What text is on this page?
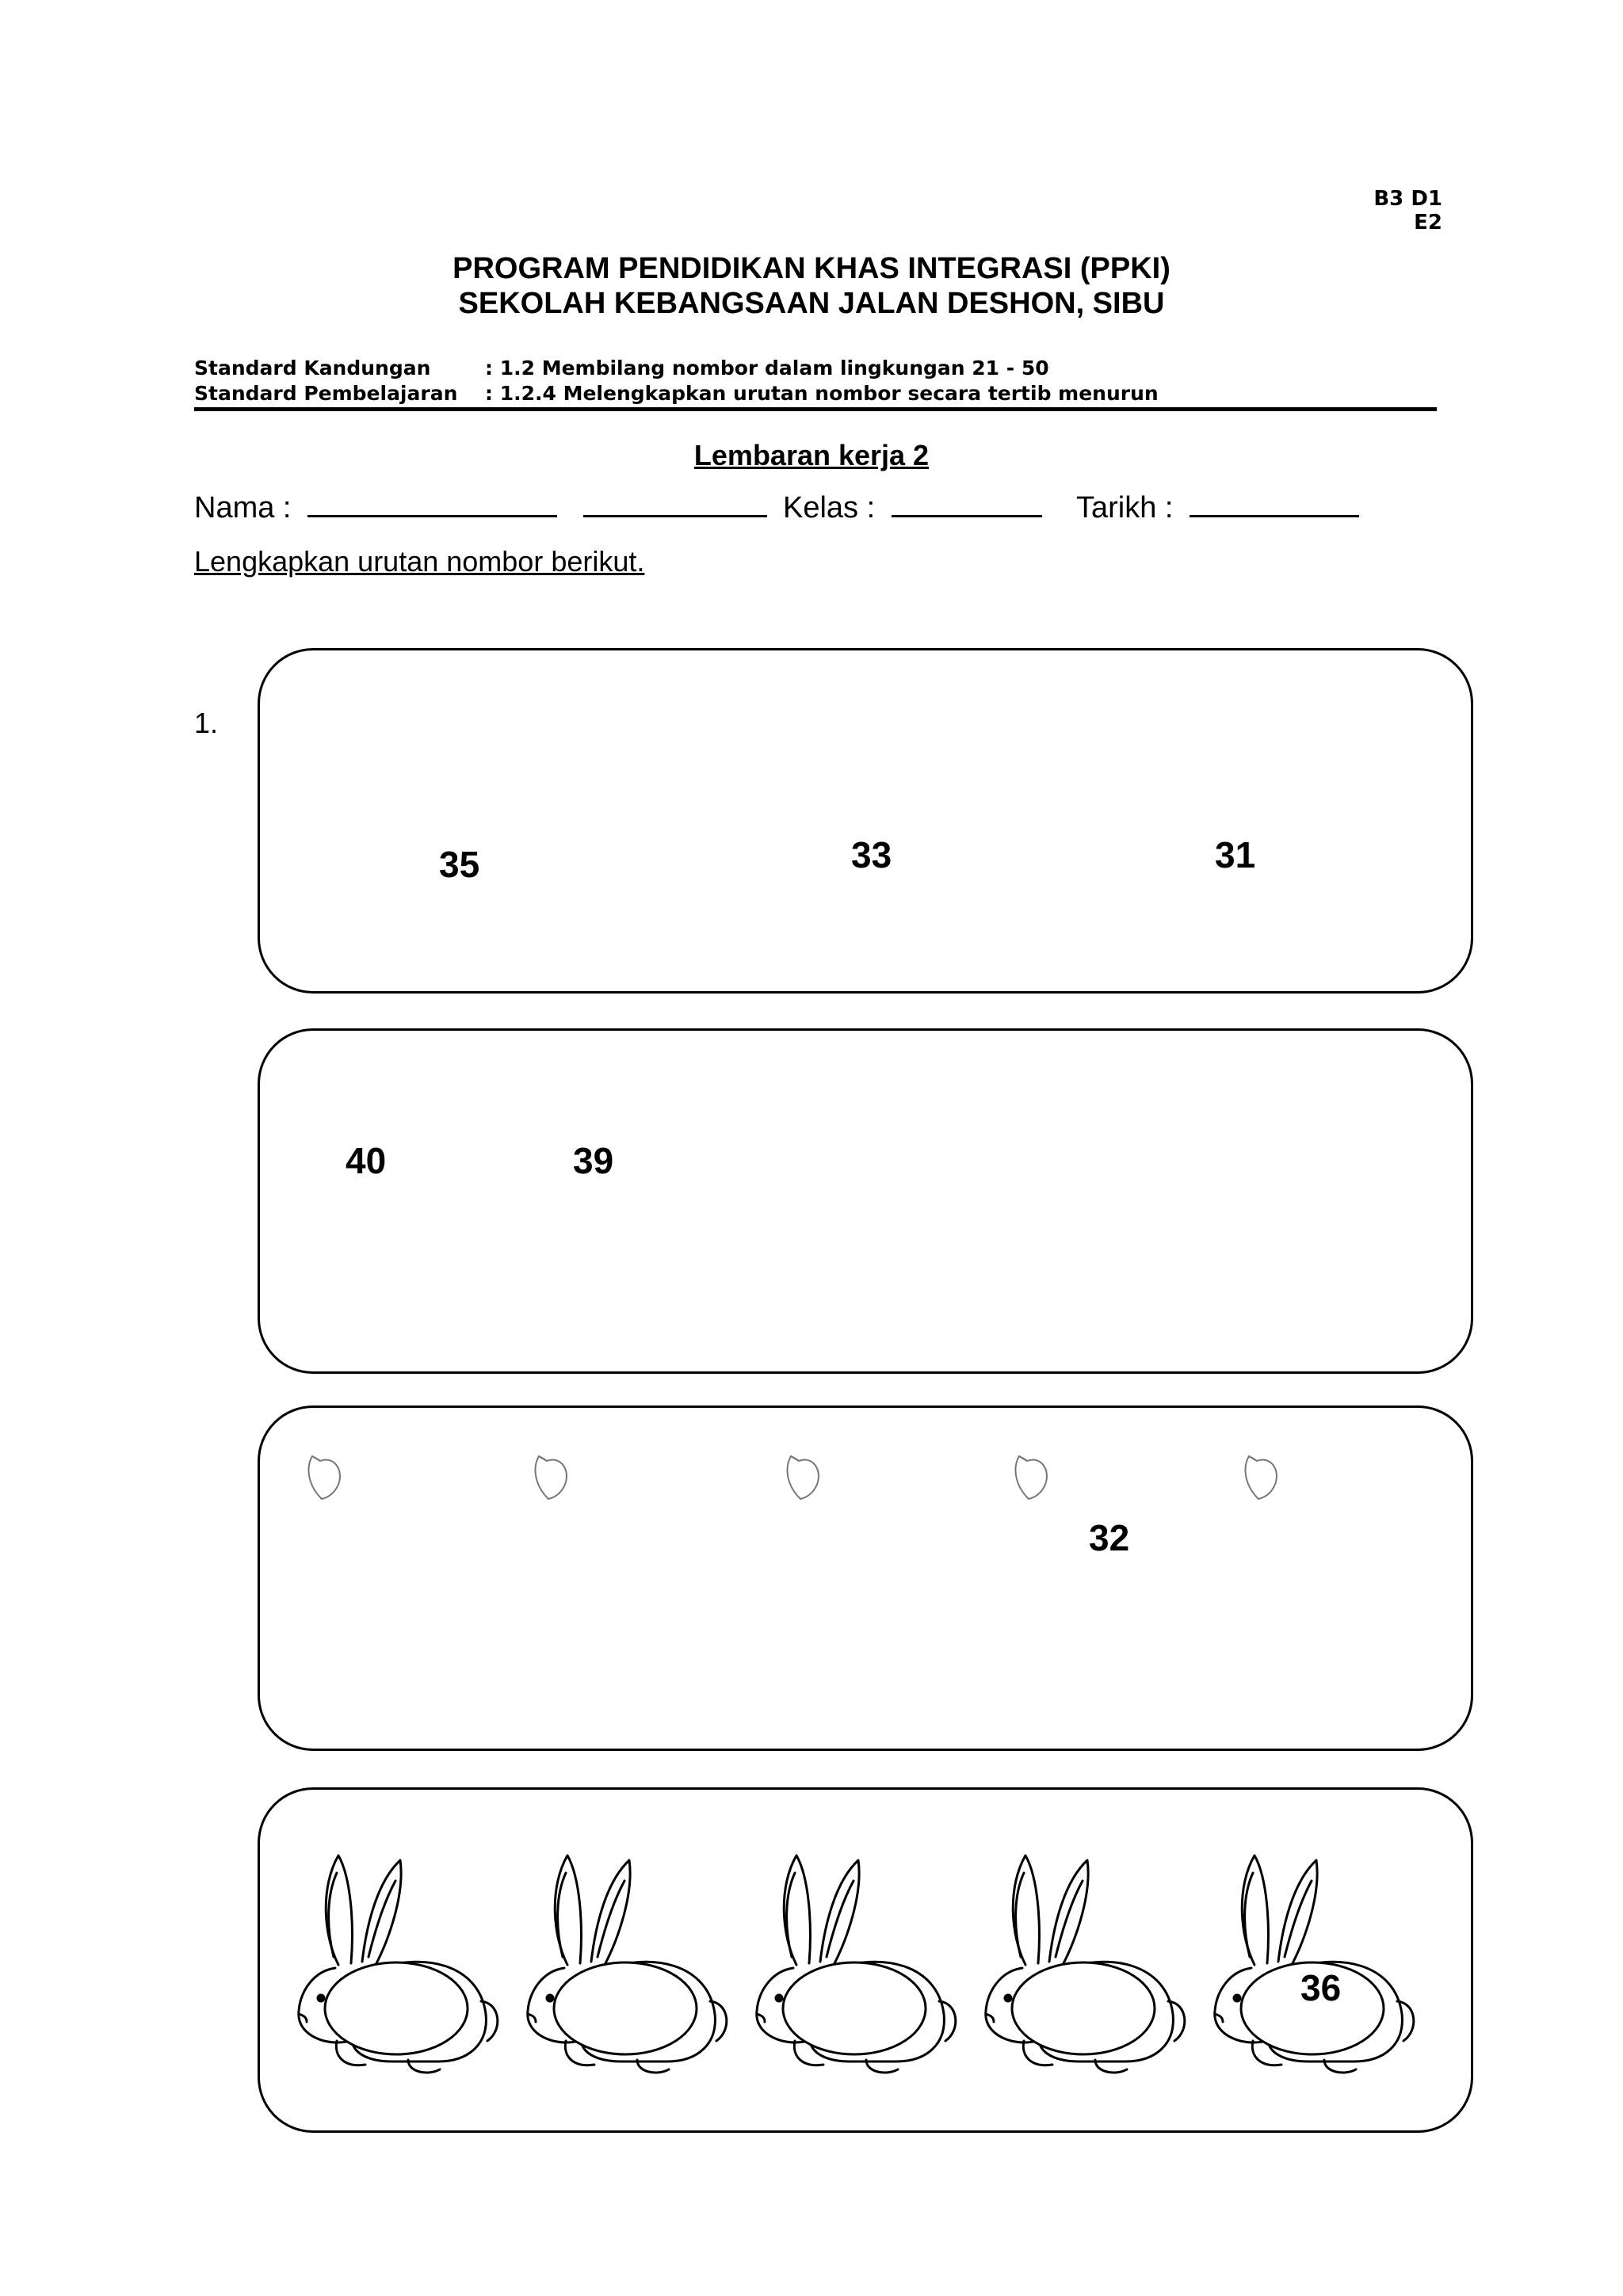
B3 D1 E2
PROGRAM PENDIDIKAN KHAS INTEGRASI (PPKI)
SEKOLAH KEBANGSAAN JALAN DESHON, SIBU
Standard Kandungan	: 1.2 Membilang nombor dalam lingkungan 21 - 50
Standard Pembelajaran : 1.2.4 Melengkapkan urutan nombor secara tertib menurun
Lembaran kerja 2
Nama :	Kelas :	Tarikh :
Lengkapkan urutan nombor berikut.
1.
35	33	31
40	39
32
36
